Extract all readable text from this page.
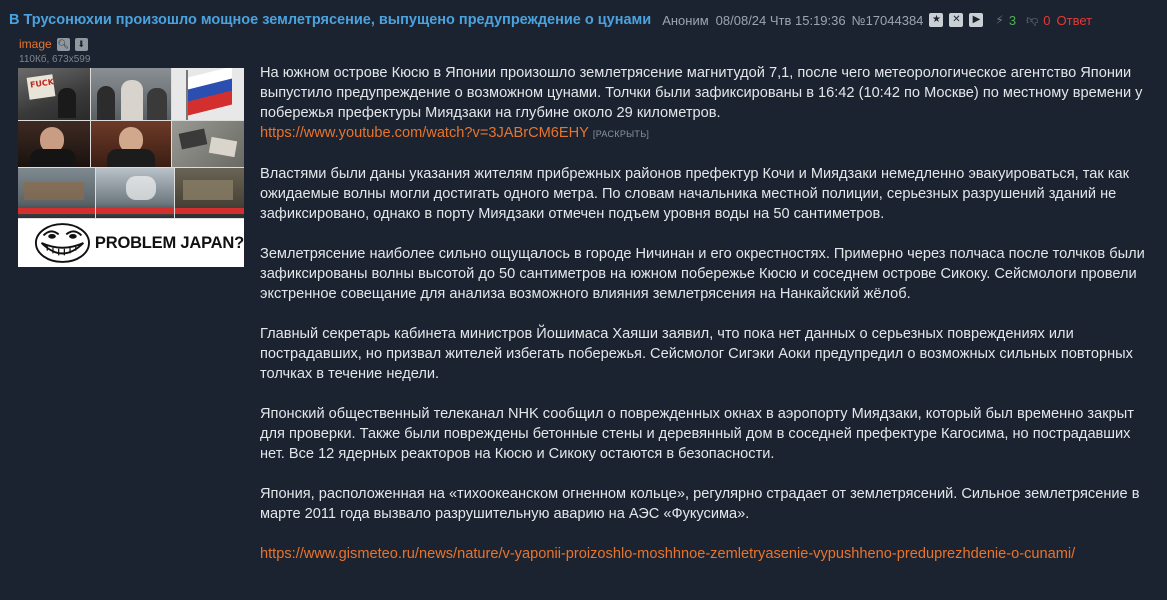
В Трусонюхии произошло мощное землетрясение, выпущено предупреждение о цунами Аноним 08/08/24 Чтв 15:19:36 №17044384 ★ ✕	▶ ⚡ 3 👎︎ 0 Ответ
image 🔍︎ ⬇
110Кб, 673x599
FUCK
PROBLEM JAPAN?

На южном острове Кюсю в Японии произошло землетрясение магнитудой 7,1, после чего метеорологическое агентство Японии выпустило предупреждение о возможном цунами. Толчки были зафиксированы в 16:42 (10:42 по Москве) по местному времени у побережья префектуры Миядзаки на глубине около 29 километров.
https://www.youtube.com/watch?v=3JABrCM6EHY [РАСКРЫТЬ]

Властями были даны указания жителям прибрежных районов префектур Кочи и Миядзаки немедленно эвакуироваться, так как ожидаемые волны могли достигать одного метра. По словам начальника местной полиции, серьезных разрушений зданий не зафиксировано, однако в порту Миядзаки отмечен подъем уровня воды на 50 сантиметров.

Землетрясение наиболее сильно ощущалось в городе Ничинан и его окрестностях. Примерно через полчаса после толчков были зафиксированы волны высотой до 50 сантиметров на южном побережье Кюсю и соседнем острове Сикоку. Сейсмологи провели экстренное совещание для анализа возможного влияния землетрясения на Нанкайский жёлоб.

Главный секретарь кабинета министров Йошимаса Хаяши заявил, что пока нет данных о серьезных повреждениях или пострадавших, но призвал жителей избегать побережья. Сейсмолог Сигэки Аоки предупредил о возможных сильных повторных толчках в течение недели.

Японский общественный телеканал NHK сообщил о поврежденных окнах в аэропорту Миядзаки, который был временно закрыт для проверки. Также были повреждены бетонные стены и деревянный дом в соседней префектуре Кагосима, но пострадавших нет. Все 12 ядерных реакторов на Кюсю и Сикоку остаются в безопасности.

Япония, расположенная на «тихоокеанском огненном кольце», регулярно страдает от землетрясений. Сильное землетрясение в марте 2011 года вызвало разрушительную аварию на АЭС «Фукусима».

https://www.gismeteo.ru/news/nature/v-yaponii-proizoshlo-moshhnoe-zemletryasenie-vypushheno-preduprezhdenie-o-cunami/
